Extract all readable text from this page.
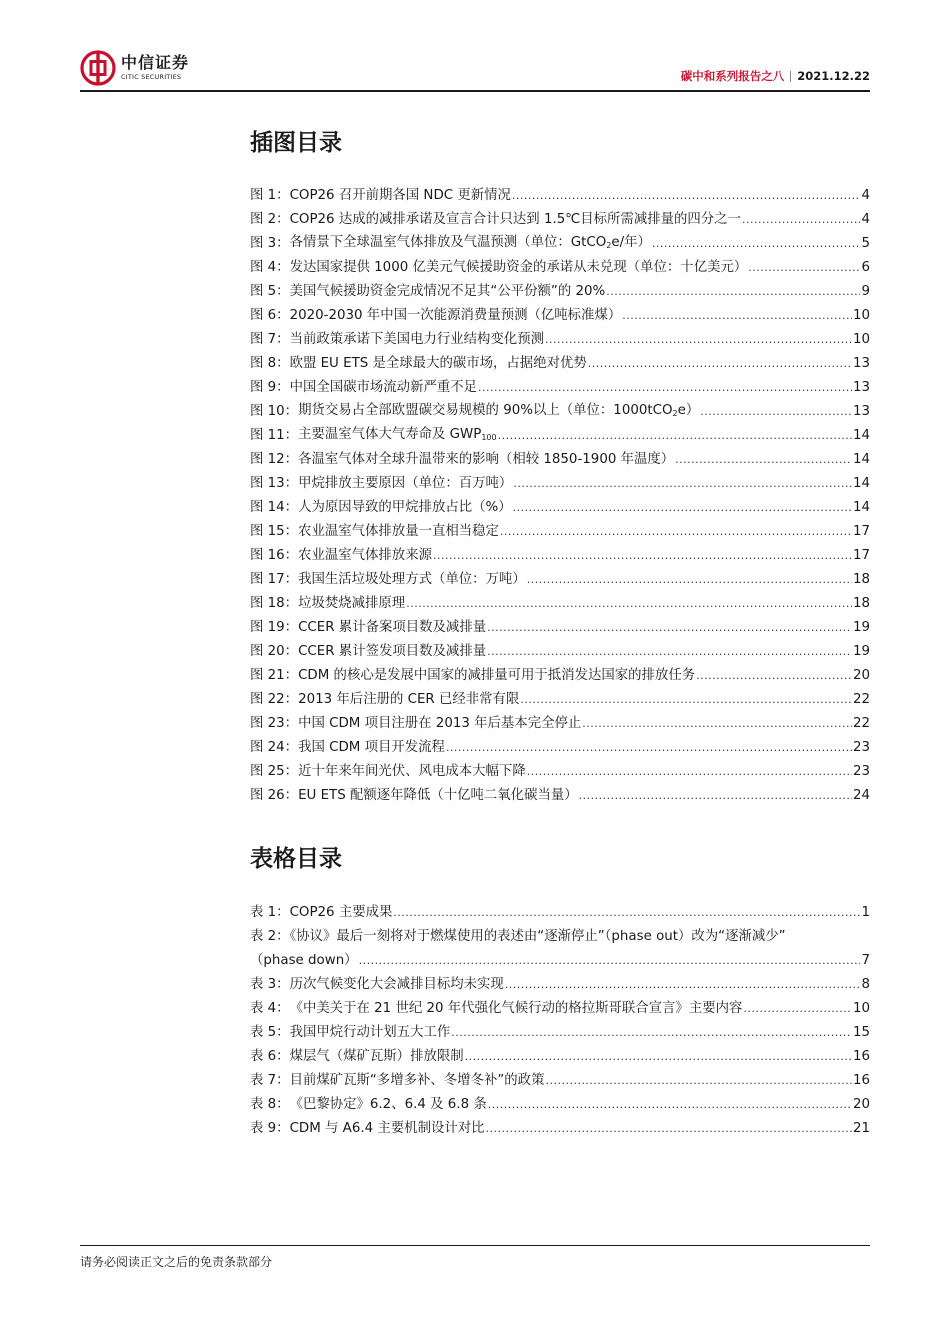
中信证券
CITIC SECURITIES	碳中和系列报告之八 2021.12.22
插图目录
图 1： COP26 召开前期各国 NDC 更新情况 .....	4
图 2： COP26 达成的减排承诺及宣言合计只达到 1.5℃目标所需减排量的四分之一 .....	4
图 3： 各情景下全球温室气体排放及气温预测（单位：GtCO2e/年） .....	5
图 4： 发达国家提供 1000 亿美元气候援助资金的承诺从未兑现（单位：十亿美元） .....	6
图 5： 美国气候援助资金完成情况不足其“公平份额”的 20% .....	9
图 6： 2020-2030 年中国一次能源消费量预测（亿吨标准煤） .....	10
图 7： 当前政策承诺下美国电力行业结构变化预测 .....	10
图 8： 欧盟 EU ETS 是全球最大的碳市场，占据绝对优势 .....	13
图 9： 中国全国碳市场流动新严重不足 .....	13
图 10： 期货交易占全部欧盟碳交易规模的 90%以上（单位：1000tCO2e） .....	13
图 11： 主要温室气体大气寿命及 GWP100 .....	14
图 12： 各温室气体对全球升温带来的影响（相较 1850-1900 年温度） .....	14
图 13： 甲烷排放主要原因（单位：百万吨） .....	14
图 14： 人为原因导致的甲烷排放占比（%） .....	14
图 15： 农业温室气体排放量一直相当稳定 .....	17
图 16： 农业温室气体排放来源 .....	17
图 17： 我国生活垃圾处理方式（单位：万吨） .....	18
图 18： 垃圾焚烧减排原理 .....	18
图 19： CCER 累计备案项目数及减排量 .....	19
图 20： CCER 累计签发项目数及减排量 .....	19
图 21： CDM 的核心是发展中国家的减排量可用于抵消发达国家的排放任务 .....	20
图 22： 2013 年后注册的 CER 已经非常有限 .....	22
图 23： 中国 CDM 项目注册在 2013 年后基本完全停止 .....	22
图 24： 我国 CDM 项目开发流程 .....	23
图 25： 近十年来年间光伏、风电成本大幅下降 .....	23
图 26： EU ETS 配额逐年降低（十亿吨二氧化碳当量） .....	24
表格目录
表 1： COP26 主要成果 .....	1
表 2：《协议》最后一刻将对于燃煤使用的表述由“逐渐停止”（phase out）改为“逐渐减少”
（phase down） .....	7
表 3： 历次气候变化大会减排目标均未实现 .....	8
表 4： 《中美关于在 21 世纪 20 年代强化气候行动的格拉斯哥联合宣言》主要内容 .....	10
表 5： 我国甲烷行动计划五大工作 .....	15
表 6： 煤层气（煤矿瓦斯）排放限制 .....	16
表 7： 目前煤矿瓦斯“多增多补、冬增冬补”的政策 .....	16
表 8： 《巴黎协定》6.2、6.4 及 6.8 条 .....	20
表 9： CDM 与 A6.4 主要机制设计对比 .....	21
请务必阅读正文之后的免责条款部分
